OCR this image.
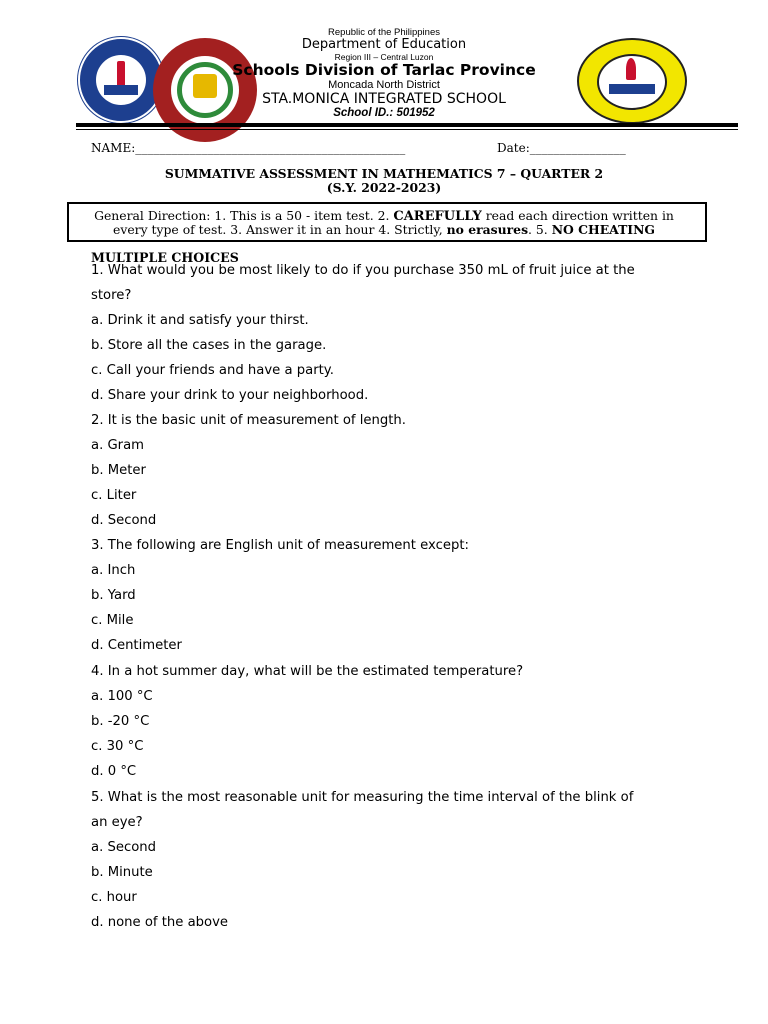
Republic of the Philippines
Department of Education
Region III – Central Luzon
Schools Division of Tarlac Province
Moncada North District
STA.MONICA INTEGRATED SCHOOL
School ID.: 501952
NAME:_____________________________________________	Date:________________
SUMMATIVE ASSESSMENT IN MATHEMATICS 7 – QUARTER 2
(S.Y. 2022-2023)
General Direction: 1. This is a 50 - item test. 2. CAREFULLY read each direction written in
every type of test. 3. Answer it in an hour 4. Strictly, no erasures. 5. NO CHEATING
MULTIPLE CHOICES
1. What would you be most likely to do if you purchase 350 mL of fruit juice at the
store?
a. Drink it and satisfy your thirst.
b. Store all the cases in the garage.
c. Call your friends and have a party.
d. Share your drink to your neighborhood.
2. It is the basic unit of measurement of length.
a. Gram
b. Meter
c. Liter
d. Second
3. The following are English unit of measurement except:
a. Inch
b. Yard
c. Mile
d. Centimeter
4. In a hot summer day, what will be the estimated temperature?
a. 100 °C
b. -20 °C
c. 30 °C
d. 0 °C
5. What is the most reasonable unit for measuring the time interval of the blink of
an eye?
a. Second
b. Minute
c. hour
d. none of the above
